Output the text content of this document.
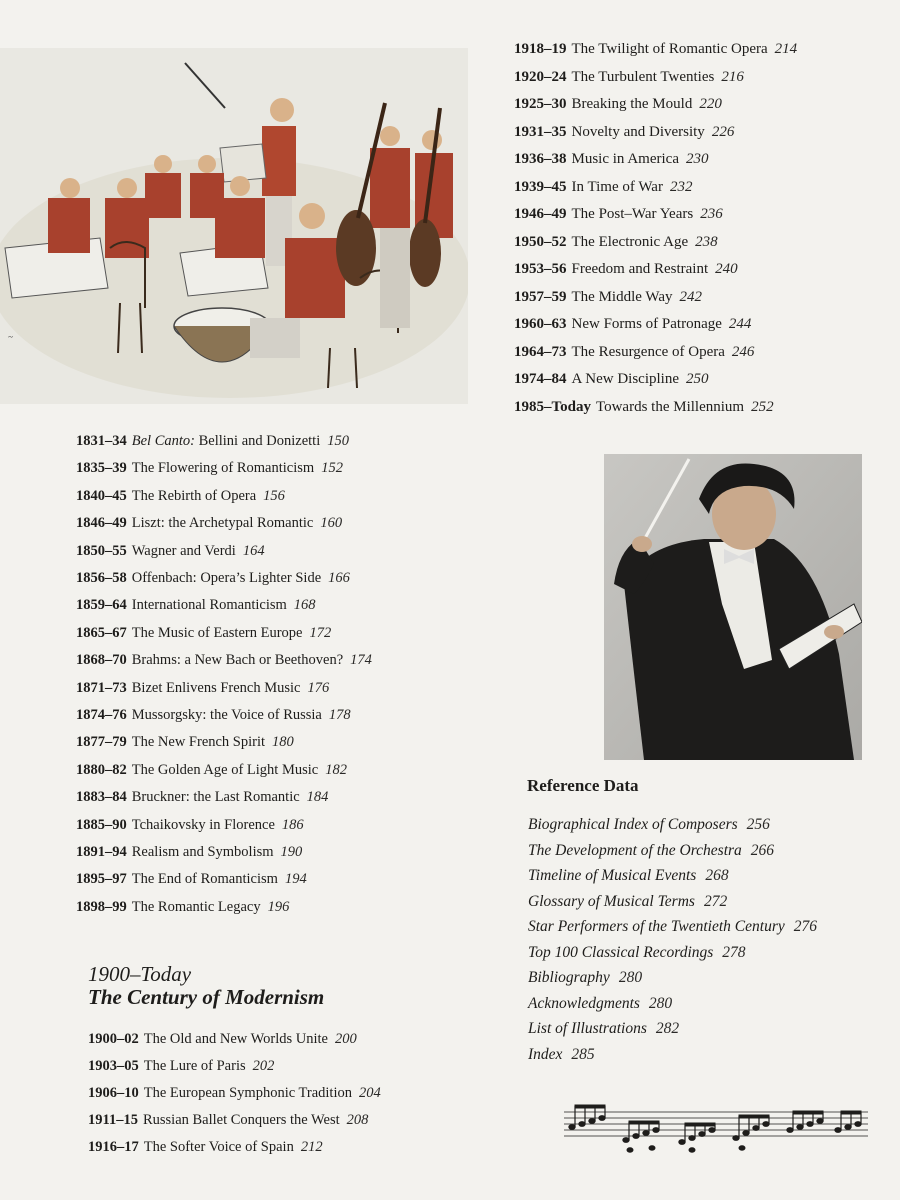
~
1918–19 The Twilight of Romantic Opera 214
1920–24 The Turbulent Twenties 216
1925–30 Breaking the Mould 220
1931–35 Novelty and Diversity 226
1936–38 Music in America 230
1939–45 In Time of War 232
1946–49 The Post–War Years 236
1950–52 The Electronic Age 238
1953–56 Freedom and Restraint 240
1957–59 The Middle Way 242
1960–63 New Forms of Patronage 244
1964–73 The Resurgence of Opera 246
1974–84 A New Discipline 250
1985–Today Towards the Millennium 252
1831–34 Bel Canto: Bellini and Donizetti 150
1835–39 The Flowering of Romanticism 152
1840–45 The Rebirth of Opera 156
1846–49 Liszt: the Archetypal Romantic 160
1850–55 Wagner and Verdi 164
1856–58 Offenbach: Opera’s Lighter Side 166
1859–64 International Romanticism 168
1865–67 The Music of Eastern Europe 172
1868–70 Brahms: a New Bach or Beethoven? 174
1871–73 Bizet Enlivens French Music 176
1874–76 Mussorgsky: the Voice of Russia 178
1877–79 The New French Spirit 180
1880–82 The Golden Age of Light Music 182
1883–84 Bruckner: the Last Romantic 184
1885–90 Tchaikovsky in Florence 186
1891–94 Realism and Symbolism 190
1895–97 The End of Romanticism 194
1898–99 The Romantic Legacy 196
1900–Today
The Century of Modernism
1900–02 The Old and New Worlds Unite 200
1903–05 The Lure of Paris 202
1906–10 The European Symphonic Tradition 204
1911–15 Russian Ballet Conquers the West 208
1916–17 The Softer Voice of Spain 212
Reference Data
Biographical Index of Composers 256
The Development of the Orchestra 266
Timeline of Musical Events 268
Glossary of Musical Terms 272
Star Performers of the Twentieth Century 276
Top 100 Classical Recordings 278
Bibliography 280
Acknowledgments 280
List of Illustrations 282
Index 285
